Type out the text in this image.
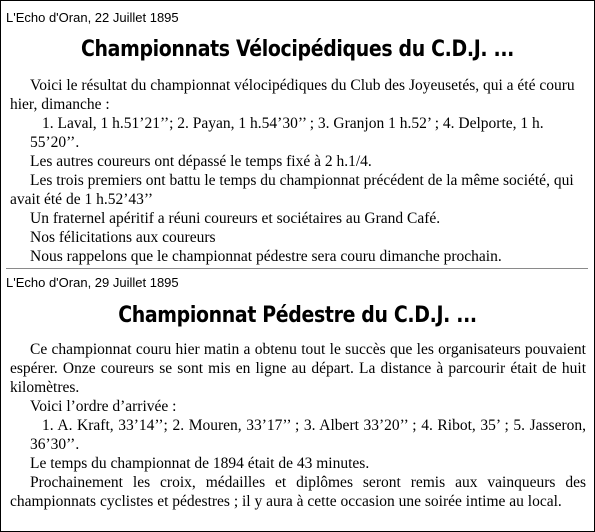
L'Echo d'Oran, 22 Juillet 1895
Championnats Vélocipédiques du C.D.J. ...

Voici le résultat du championnat vélocipédiques du Club des Joyeusetés, qui a été couru hier, dimanche :

1. Laval, 1 h.51’21’’; 2. Payan, 1 h.54’30’’ ; 3. Granjon 1 h.52’ ; 4. Delporte, 1 h. 55’20’’.

Les autres coureurs ont dépassé le temps fixé à 2 h.1/4.

Les trois premiers ont battu le temps du championnat précédent de la même société, qui avait été de 1 h.52’43’’

Un fraternel apéritif a réuni coureurs et sociétaires au Grand Café.

Nos félicitations aux coureurs

Nous rappelons que le championnat pédestre sera couru dimanche prochain.

L'Echo d'Oran, 29 Juillet 1895
Championnat Pédestre du C.D.J. ...

Ce championnat couru hier matin a obtenu tout le succès que les organisateurs pouvaient espérer. Onze coureurs se sont mis en ligne au départ. La distance à parcourir était de huit kilomètres.

Voici l’ordre d’arrivée :

1. A. Kraft, 33’14’’; 2. Mouren, 33’17’’ ; 3. Albert 33’20’’ ; 4. Ribot, 35’ ; 5. Jasseron, 36’30’’.

Le temps du championnat de 1894 était de 43 minutes.

Prochainement les croix, médailles et diplômes seront remis aux vainqueurs des championnats cyclistes et pédestres ; il y aura à cette occasion une soirée intime au local.
